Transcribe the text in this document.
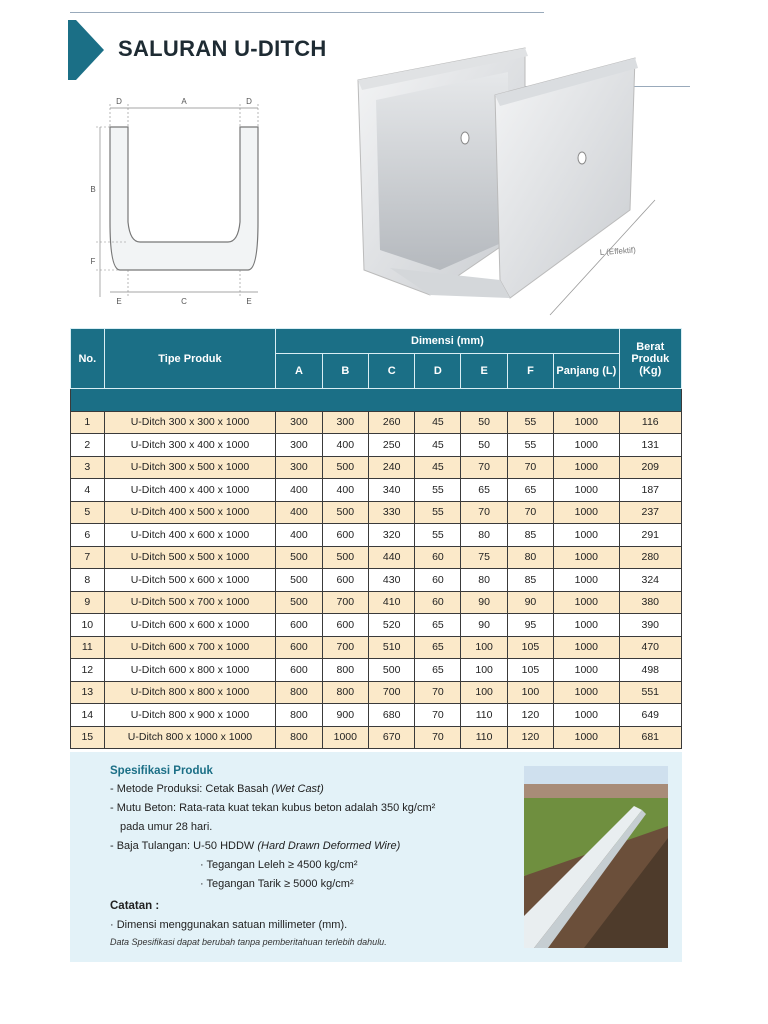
SALURAN U-DITCH
D	A	D
B
F
E	C	E
L (Effektif)
No.	Tipe Produk	Dimensi (mm)							Berat Produk (Kg)
		A	B	C	D	E	F	Panjang (L)	

1	U-Ditch 300 x 300 x 1000	300	300	260	45	50	55	1000	116
2	U-Ditch 300 x 400 x 1000	300	400	250	45	50	55	1000	131
3	U-Ditch 300 x 500 x 1000	300	500	240	45	70	70	1000	209
4	U-Ditch 400 x 400 x 1000	400	400	340	55	65	65	1000	187
5	U-Ditch 400 x 500 x 1000	400	500	330	55	70	70	1000	237
6	U-Ditch 400 x 600 x 1000	400	600	320	55	80	85	1000	291
7	U-Ditch 500 x 500 x 1000	500	500	440	60	75	80	1000	280
8	U-Ditch 500 x 600 x 1000	500	600	430	60	80	85	1000	324
9	U-Ditch 500 x 700 x 1000	500	700	410	60	90	90	1000	380
10	U-Ditch 600 x 600 x 1000	600	600	520	65	90	95	1000	390
11	U-Ditch 600 x 700 x 1000	600	700	510	65	100	105	1000	470
12	U-Ditch 600 x 800 x 1000	600	800	500	65	100	105	1000	498
13	U-Ditch 800 x 800 x 1000	800	800	700	70	100	100	1000	551
14	U-Ditch 800 x 900 x 1000	800	900	680	70	110	120	1000	649
15	U-Ditch 800 x 1000 x 1000	800	1000	670	70	110	120	1000	681
Spesifikasi Produk
- Metode Produksi: Cetak Basah (Wet Cast)
- Mutu Beton: Rata-rata kuat tekan kubus beton adalah 350 kg/cm²
pada umur 28 hari.
- Baja Tulangan: U-50 HDDW (Hard Drawn Deformed Wire)
· Tegangan Leleh ≥ 4500 kg/cm²
· Tegangan Tarik ≥ 5000 kg/cm²
Catatan :
· Dimensi menggunakan satuan millimeter (mm).
Data Spesifikasi dapat berubah tanpa pemberitahuan terlebih dahulu.
